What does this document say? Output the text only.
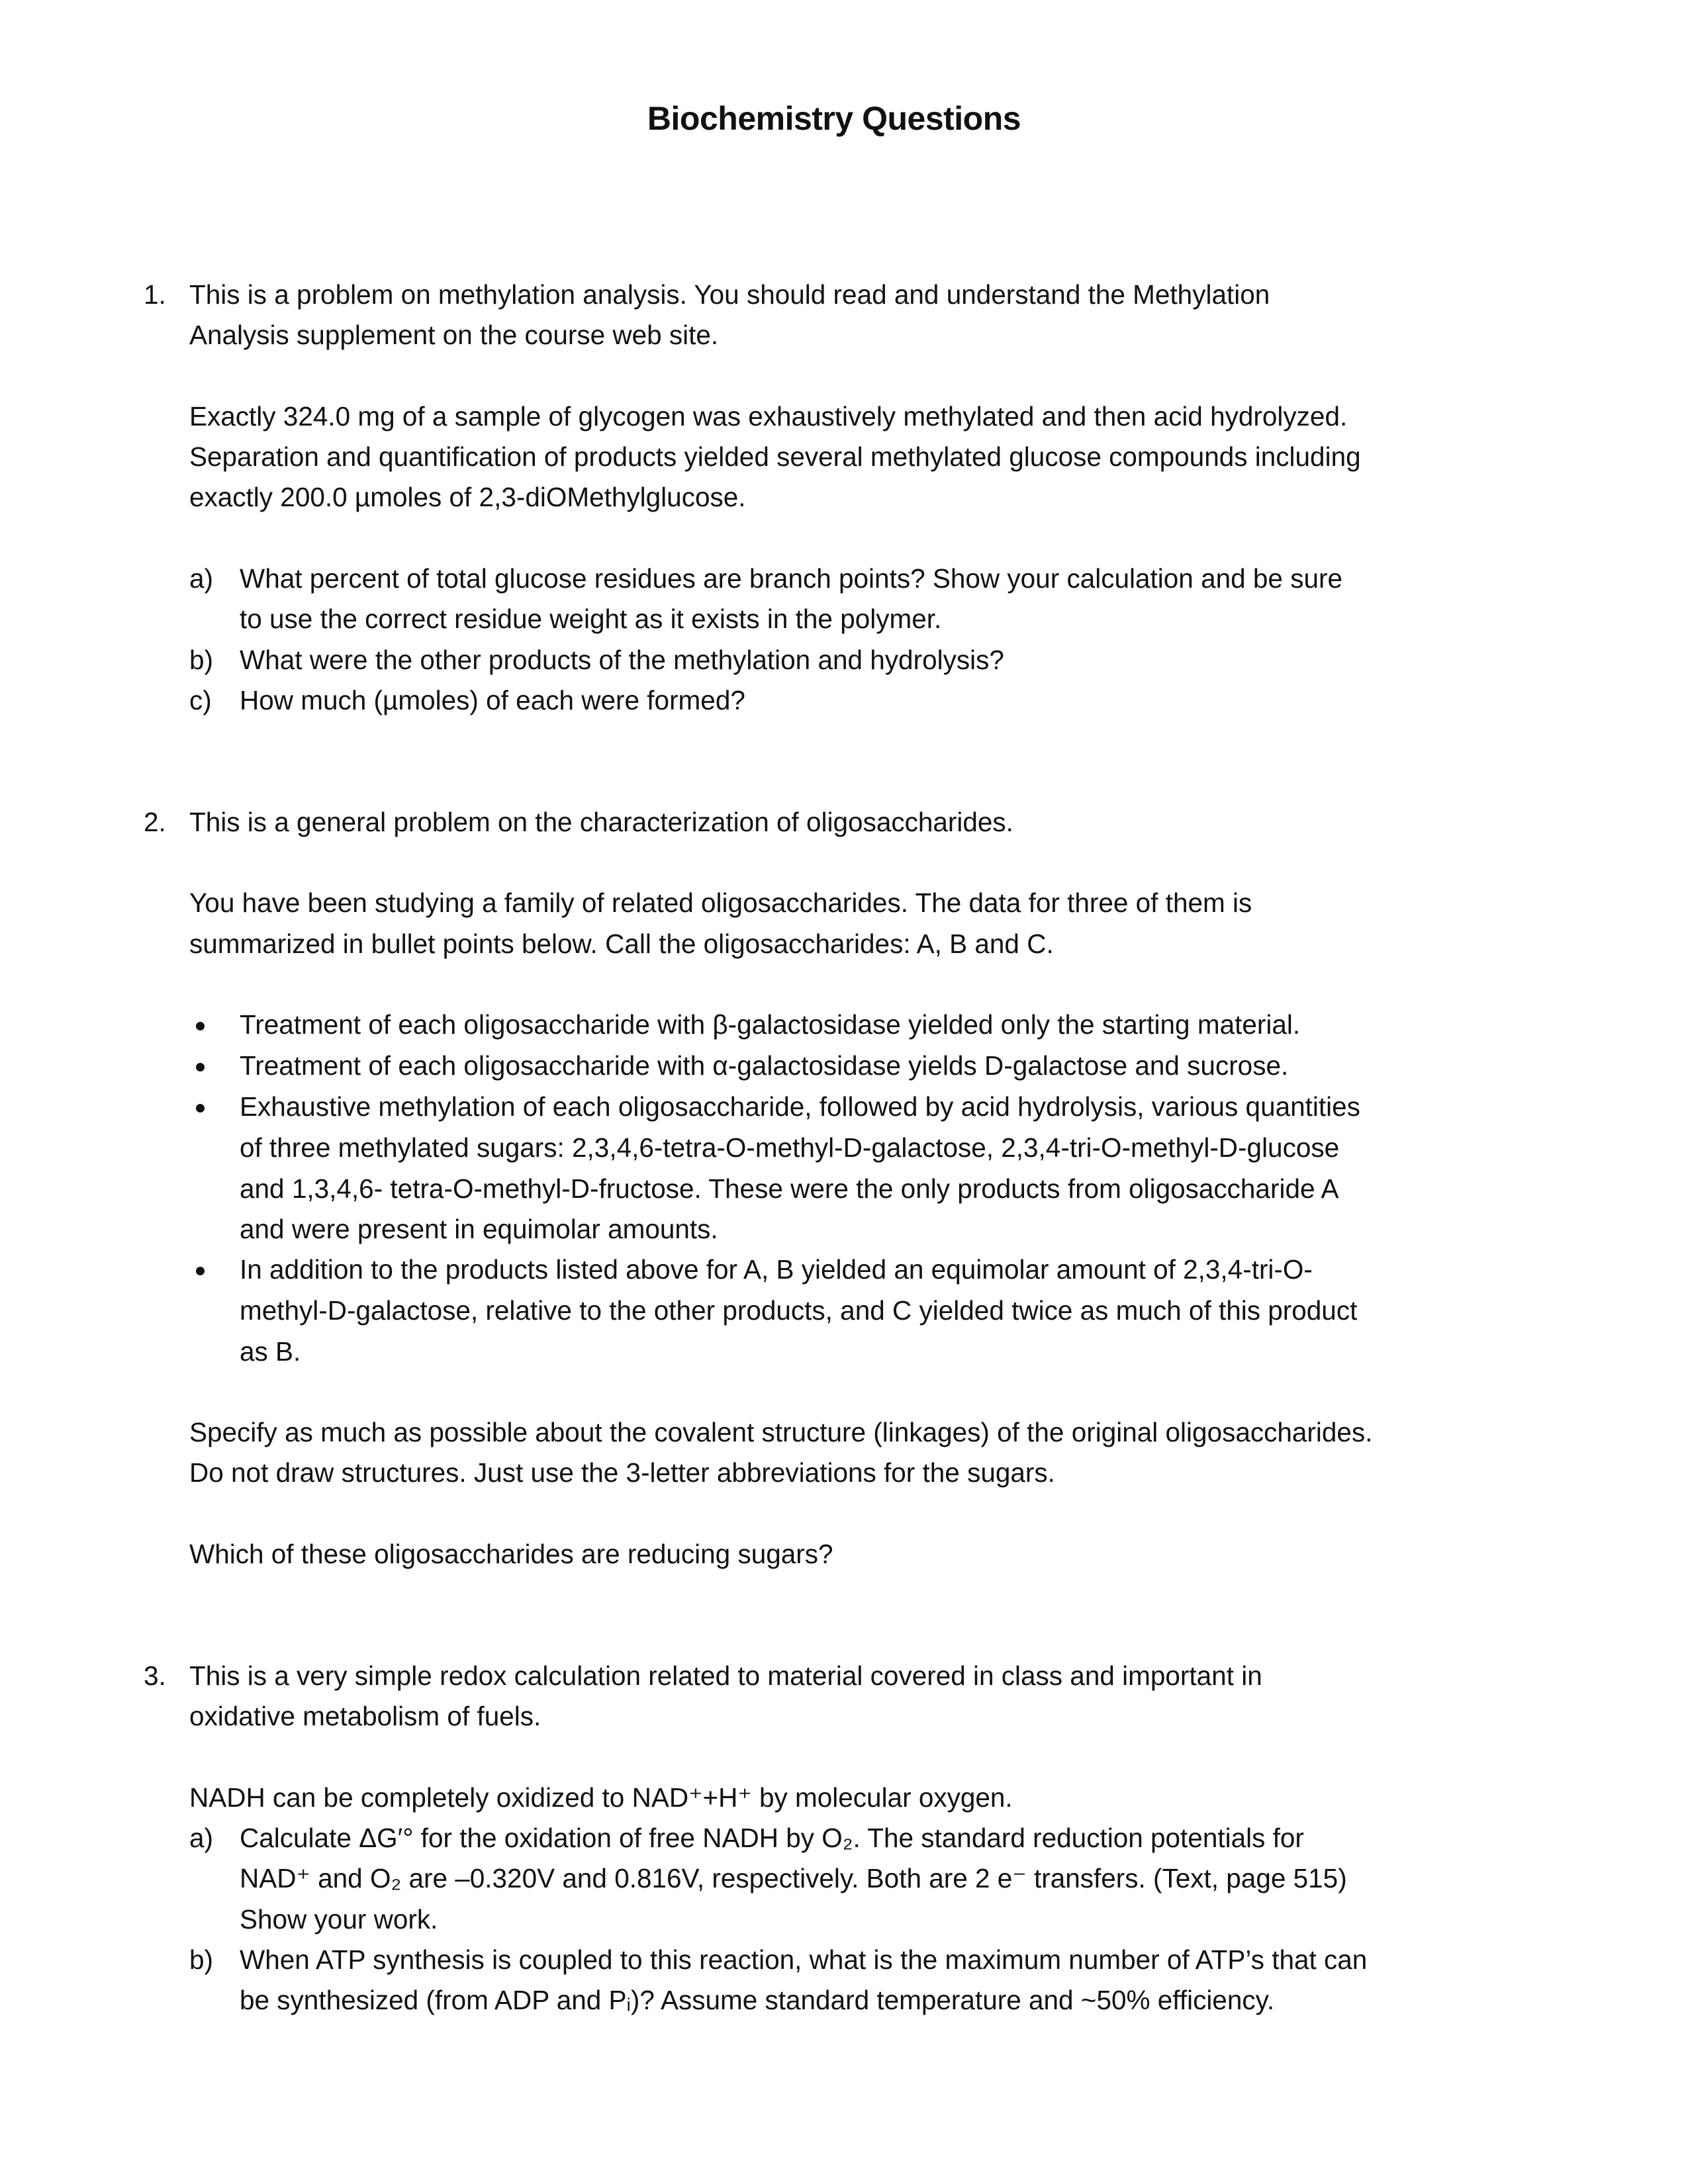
Biochemistry Questions
1. This is a problem on methylation analysis. You should read and understand the Methylation
Analysis supplement on the course web site.
Exactly 324.0 mg of a sample of glycogen was exhaustively methylated and then acid hydrolyzed.
Separation and quantification of products yielded several methylated glucose compounds including
exactly 200.0 µmoles of 2,3-diOMethylglucose.
a) What percent of total glucose residues are branch points? Show your calculation and be sure
to use the correct residue weight as it exists in the polymer.
b) What were the other products of the methylation and hydrolysis?
c) How much (µmoles) of each were formed?
2. This is a general problem on the characterization of oligosaccharides.
You have been studying a family of related oligosaccharides. The data for three of them is
summarized in bullet points below. Call the oligosaccharides: A, B and C.
Treatment of each oligosaccharide with β-galactosidase yielded only the starting material.
Treatment of each oligosaccharide with α-galactosidase yields D-galactose and sucrose.
Exhaustive methylation of each oligosaccharide, followed by acid hydrolysis, various quantities
of three methylated sugars: 2,3,4,6-tetra-O-methyl-D-galactose, 2,3,4-tri-O-methyl-D-glucose
and 1,3,4,6- tetra-O-methyl-D-fructose. These were the only products from oligosaccharide A
and were present in equimolar amounts.
In addition to the products listed above for A, B yielded an equimolar amount of 2,3,4-tri-O-
methyl-D-galactose, relative to the other products, and C yielded twice as much of this product
as B.
Specify as much as possible about the covalent structure (linkages) of the original oligosaccharides.
Do not draw structures. Just use the 3-letter abbreviations for the sugars.
Which of these oligosaccharides are reducing sugars?
3. This is a very simple redox calculation related to material covered in class and important in
oxidative metabolism of fuels.
NADH can be completely oxidized to NAD⁺+H⁺ by molecular oxygen.
a) Calculate ΔG′° for the oxidation of free NADH by O₂. The standard reduction potentials for
NAD⁺ and O₂ are –0.320V and 0.816V, respectively. Both are 2 e⁻ transfers. (Text, page 515)
Show your work.
b) When ATP synthesis is coupled to this reaction, what is the maximum number of ATP’s that can
be synthesized (from ADP and Pᵢ)? Assume standard temperature and ~50% efficiency.
